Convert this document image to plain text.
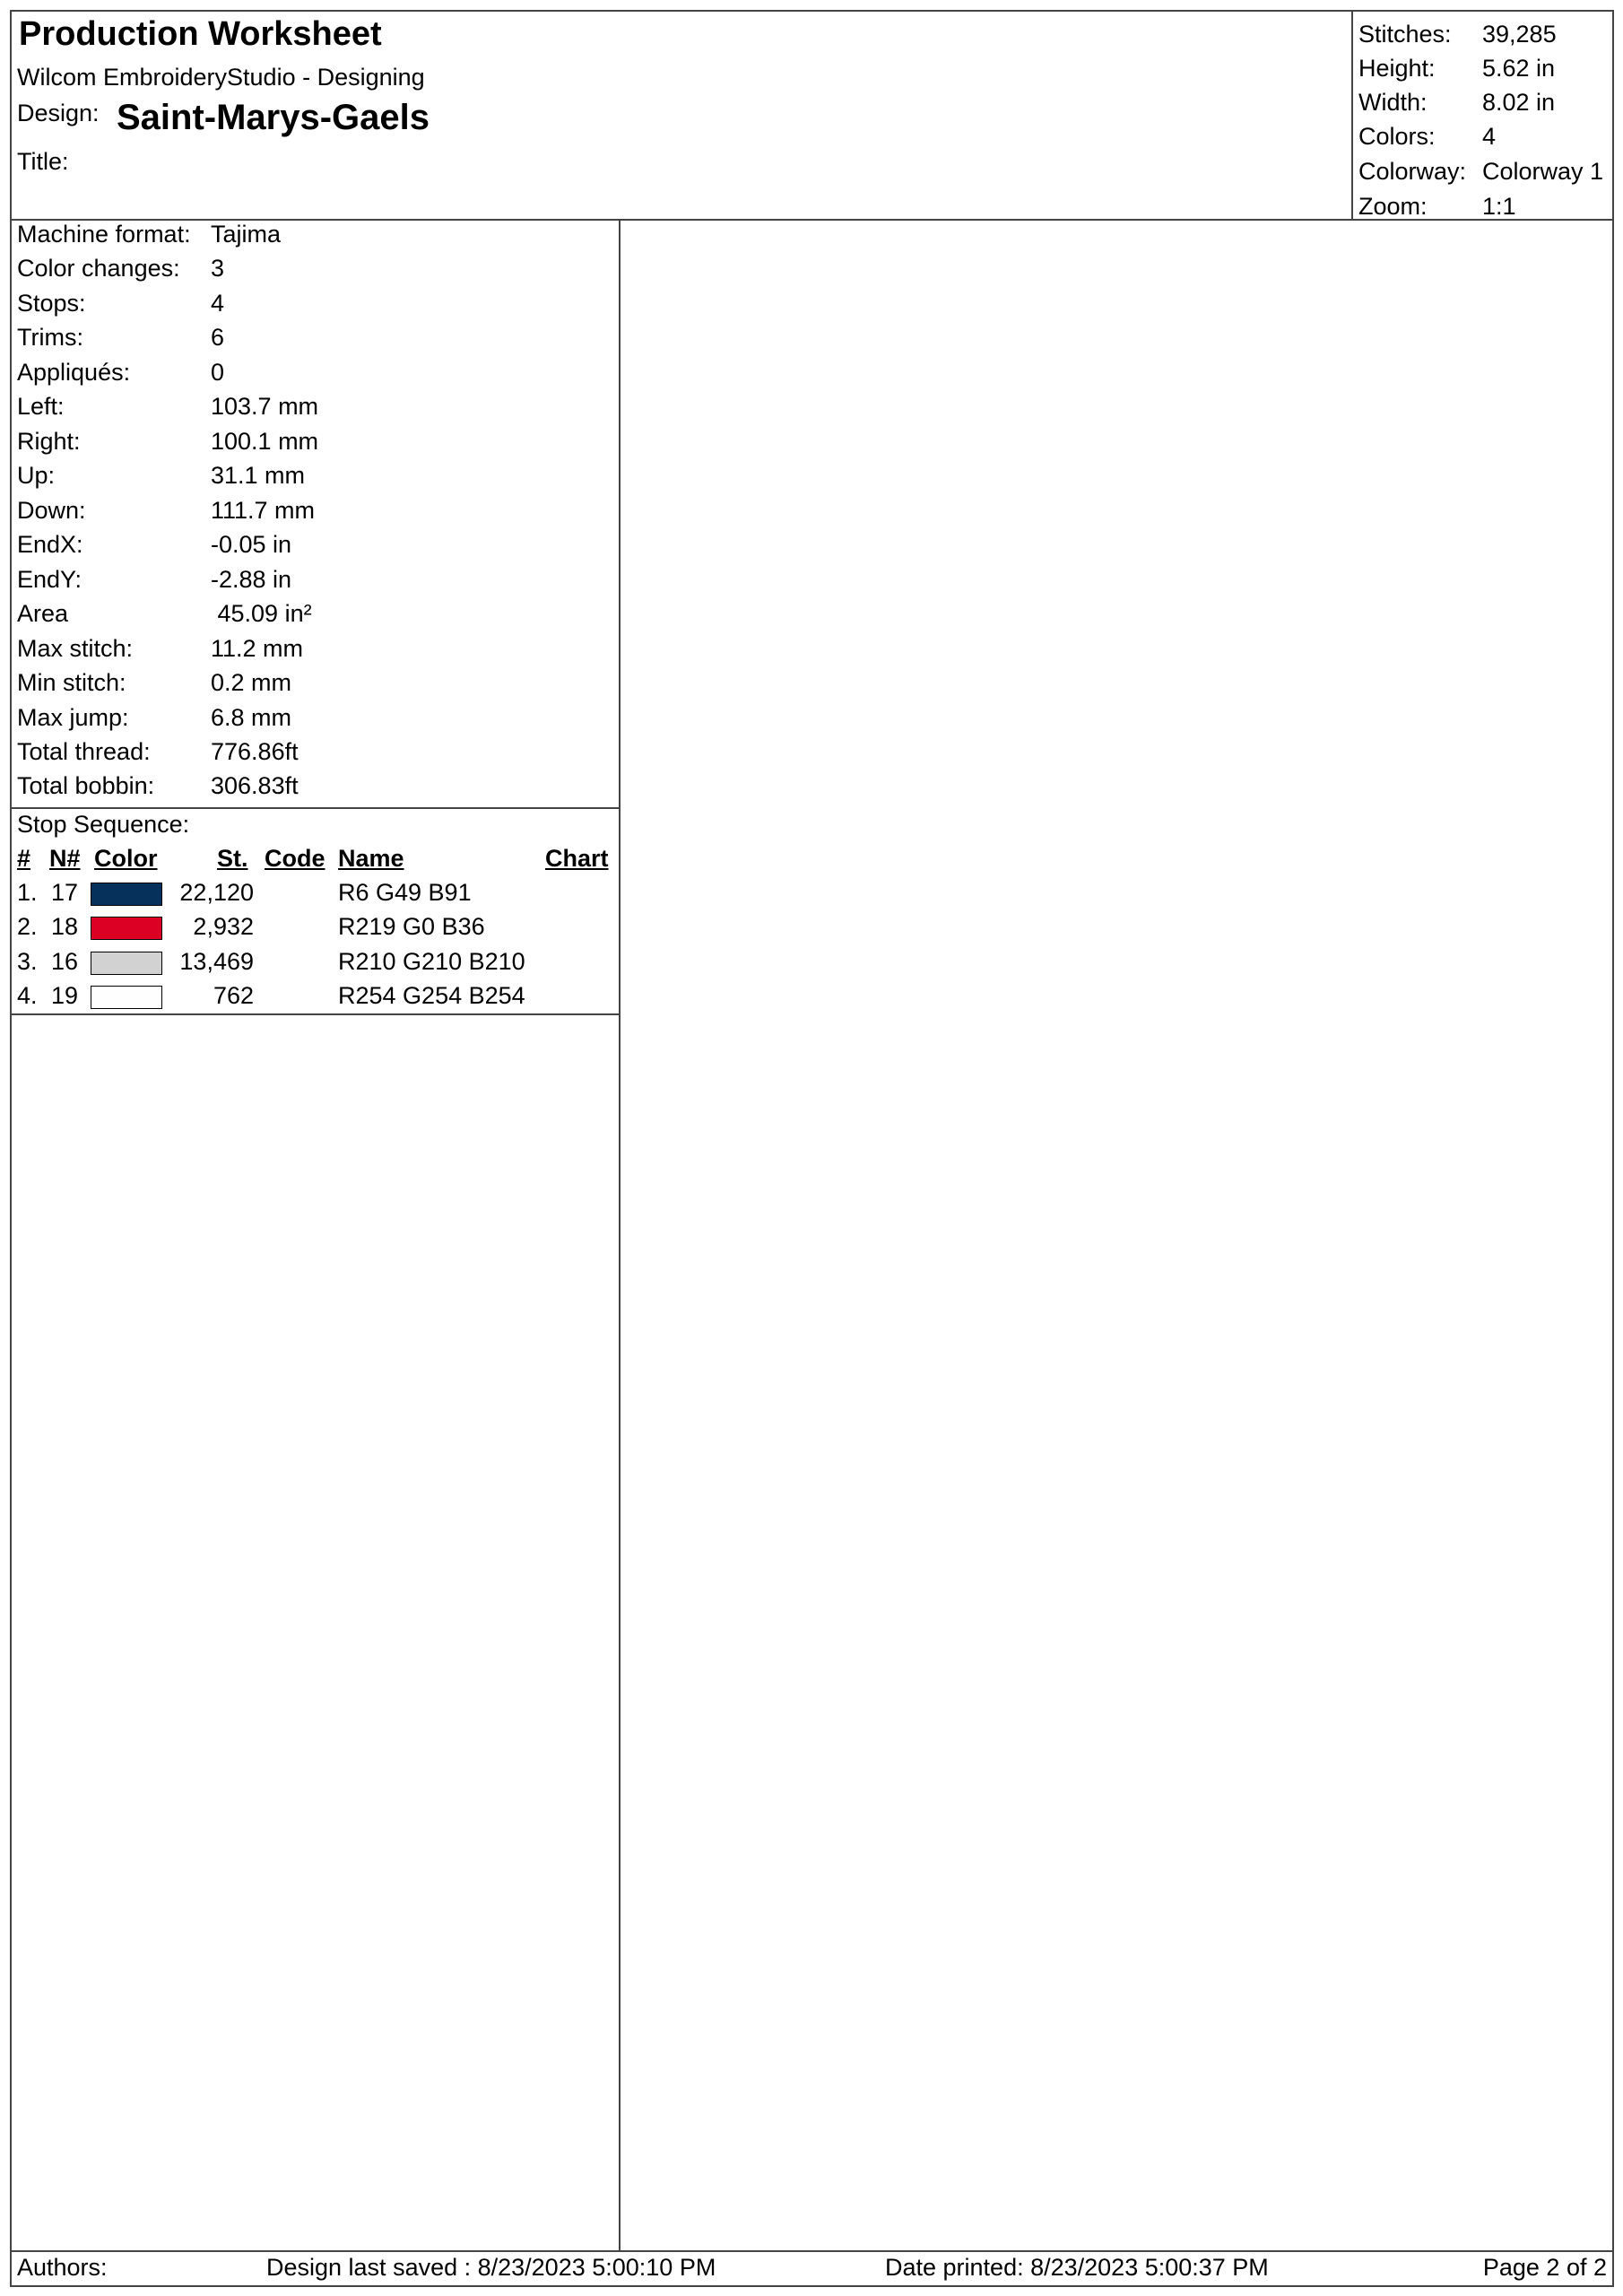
Production Worksheet
Wilcom EmbroideryStudio - Designing
Design: Saint-Marys-Gaels
Title:
Stitches: 39,285
Height: 5.62 in
Width: 8.02 in
Colors: 4
Colorway: Colorway 1
Zoom: 1:1
Machine format: Tajima
Color changes: 3
Stops:	4
Trims:	6
Appliqués:	0
Left:	103.7 mm
Right:	100.1 mm
Up:	31.1 mm
Down:	111.7 mm
EndX:	-0.05 in
EndY:	-2.88 in
Area	45.09 in²
Max stitch:	11.2 mm
Min stitch:	0.2 mm
Max jump:	6.8 mm
Total thread: 776.86ft
Total bobbin: 306.83ft
Stop Sequence:
# N# Color St. Code Name	Chart
1. 17	22,120	R6 G49 B91
2. 18	2,932	R219 G0 B36
3. 16	13,469	R210 G210 B210
4. 19	762	R254 G254 B254
Authors:	Design last saved : 8/23/2023 5:00:10 PM	Date printed: 8/23/2023 5:00:37 PM	Page 2 of 2
